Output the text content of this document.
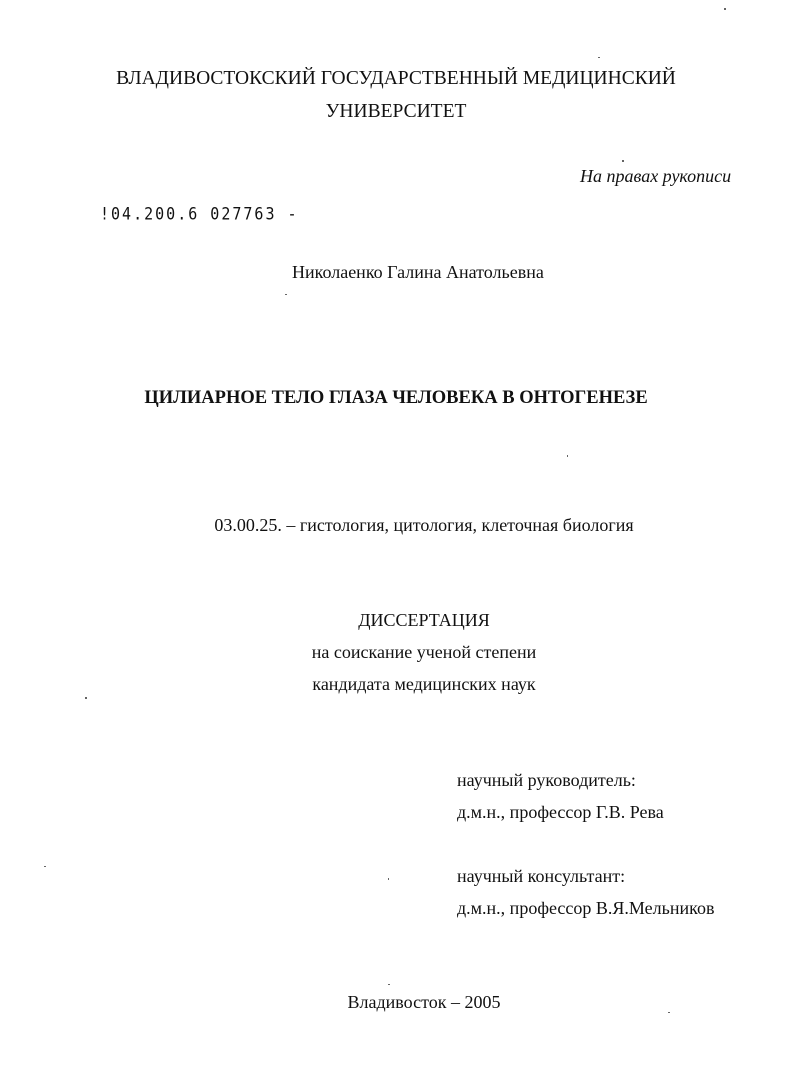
ВЛАДИВОСТОКСКИЙ ГОСУДАРСТВЕННЫЙ МЕДИЦИНСКИЙ
УНИВЕРСИТЕТ
На правах рукописи
!04.200.6 027763 -
Николаенко Галина Анатольевна
ЦИЛИАРНОЕ ТЕЛО ГЛАЗА ЧЕЛОВЕКА В ОНТОГЕНЕЗЕ
03.00.25. – гистология, цитология, клеточная биология
ДИССЕРТАЦИЯ
на соискание ученой степени
кандидата медицинских наук
научный руководитель:
д.м.н., профессор Г.В. Рева
научный консультант:
д.м.н., профессор В.Я.Мельников
Владивосток – 2005
